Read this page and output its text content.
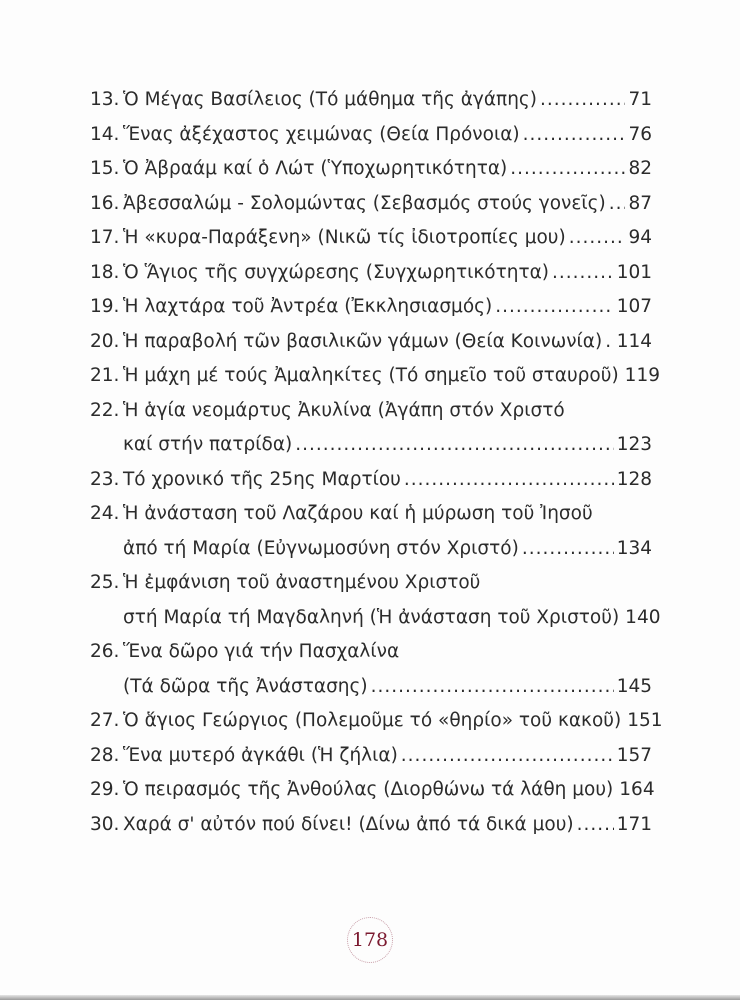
13. Ὁ Μέγας Βασίλειος (Τό μάθημα τῆς ἀγάπης) .....	71
14. Ἕνας ἀξέχαστος χειμώνας (Θεία Πρόνοια) .....	76
15. Ὁ Ἀβραάμ καί ὁ Λώτ (Ὑποχωρητικότητα) .....	82
16. Ἀβεσσαλώμ - Σολομώντας (Σεβασμός στούς γονεῖς) ..... 87
17. Ἡ «κυρα-Παράξενη» (Νικῶ τίς ἰδιοτροπίες μου) .....	94
18. Ὁ Ἅγιος τῆς συγχώρεσης (Συγχωρητικότητα) .....	101
19. Ἡ λαχτάρα τοῦ Ἀντρέα (Ἐκκλησιασμός) .....	107
20. Ἡ παραβολή τῶν βασιλικῶν γάμων (Θεία Κοινωνία) ..... 114
21. Ἡ μάχη μέ τούς Ἀμαληκίτες (Τό σημεῖο τοῦ σταυροῦ) 119
22. Ἡ ἁγία νεομάρτυς Ἀκυλίνα (Ἀγάπη στόν Χριστό
καί στήν πατρίδα) .....	123
23. Τό χρονικό τῆς 25ης Μαρτίου .....	128
24. Ἡ ἀνάσταση τοῦ Λαζάρου καί ἡ μύρωση τοῦ Ἰησοῦ
ἀπό τή Μαρία (Εὐγνωμοσύνη στόν Χριστό) .....	134
25. Ἡ ἐμφάνιση τοῦ ἀναστημένου Χριστοῦ
στή Μαρία τή Μαγδαληνή (Ἡ ἀνάσταση τοῦ Χριστοῦ) 140
26. Ἕνα δῶρο γιά τήν Πασχαλίνα
(Τά δῶρα τῆς Ἀνάστασης) .....	145
27. Ὁ ἅγιος Γεώργιος (Πολεμοῦμε τό «θηρίο» τοῦ κακοῦ) 151
28. Ἕνα μυτερό ἀγκάθι (Ἡ ζήλια) .....	157
29. Ὁ πειρασμός τῆς Ἀνθούλας (Διορθώνω τά λάθη μου) 164
30. Χαρά σ' αὐτόν πού δίνει! (Δίνω ἀπό τά δικά μου) ..... 171
178
